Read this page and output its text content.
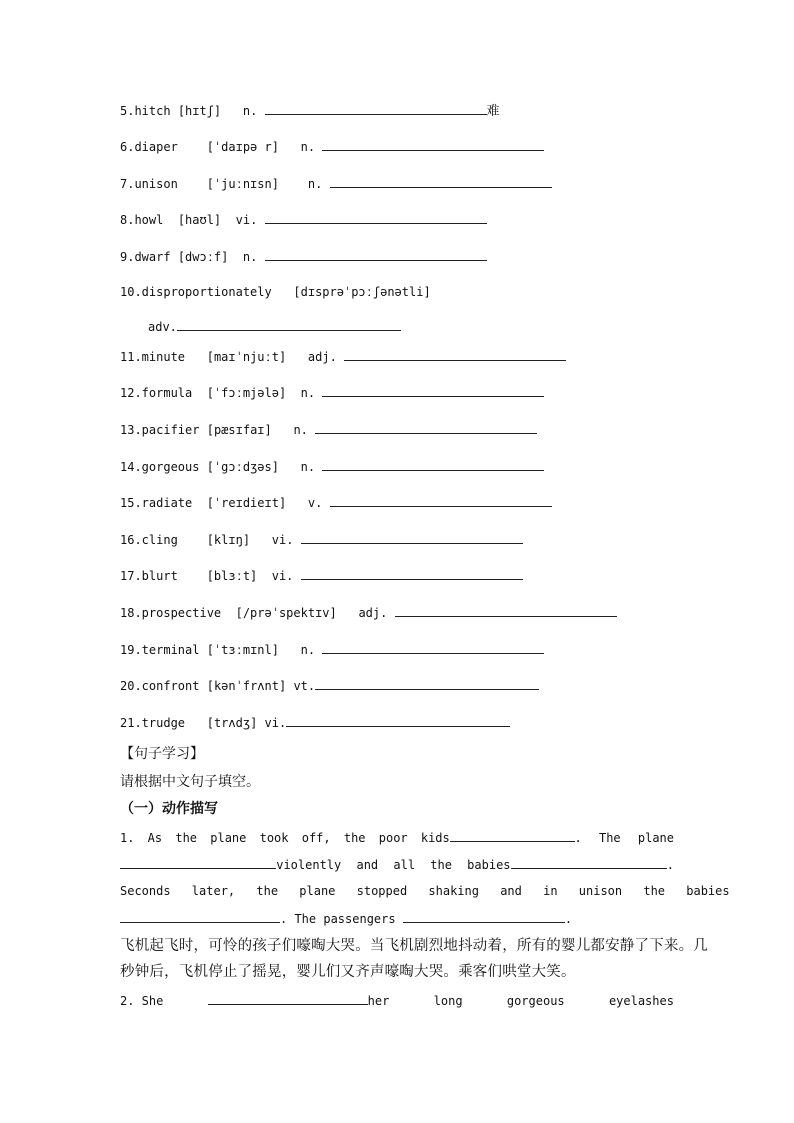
5.hitch [hɪtʃ] n.	难
6.diaper [ˈdaɪpə r] n.
7.unison [ˈjuːnɪsn] n.
8.howl [haʊl] vi.
9.dwarf [dwɔːf] n.
10.disproportionately [dɪsprəˈpɔːʃənətli]
adv.
11.minute [maɪˈnjuːt] adj.
12.formula [ˈfɔːmjələ] n.
13.pacifier [pæsɪfaɪ] n.
14.gorgeous [ˈgɔːdʒəs] n.
15.radiate [ˈreɪdieɪt] v.
16.cling [klɪŋ] vi.
17.blurt [blɜːt] vi.
18.prospective [/prəˈspektɪv] adj.
19.terminal [ˈtɜːmɪnl] n.
20.confront [kənˈfrʌnt] vt.
21.trudge [trʌdʒ] vi.
【句子学习】
请根据中文句子填空。
（一）动作描写
1. As the plane took off, the poor kids	. The plane
violently and all the babies	.
Seconds later, the plane stopped shaking and in unison the babies
. The passengers	.
飞机起飞时，可怜的孩子们嚎啕大哭。当飞机剧烈地抖动着，所有的婴儿都安静了下来。几
秒钟后，飞机停止了摇晃，婴儿们又齐声嚎啕大哭。乘客们哄堂大笑。
2. She	her	long	gorgeous	eyelashes
